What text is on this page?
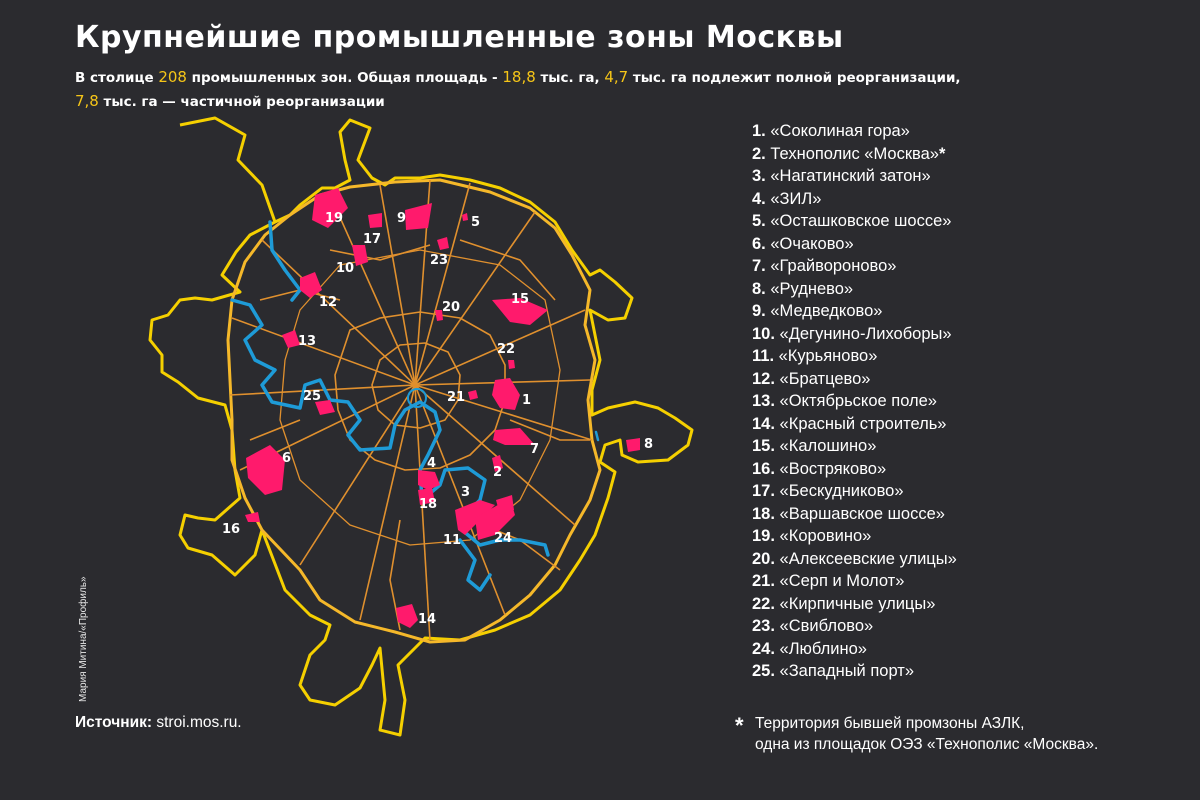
Крупнейшие промышленные зоны Москвы
В столице 208 промышленных зон. Общая площадь - 18,8 тыс. га, 4,7 тыс. га подлежит полной реорганизации,
7,8 тыс. га — частичной реорганизации
1
2
3
4
5
6
7	8
9
10
11
12
13
14
15
16
17
18
19
20
21
22
23
24
25
1. «Соколиная гора»
2. Технополис «Москва»*
3. «Нагатинский затон»
4. «ЗИЛ»
5. «Осташковское шоссе»
6. «Очаково»
7. «Грайвороново»
8. «Руднево»
9. «Медведково»
10. «Дегунино-Лихоборы»
11. «Курьяново»
12. «Братцево»
13. «Октябрьское поле»
14. «Красный строитель»
15. «Калошино»
16. «Востряково»
17. «Бескудниково»
18. «Варшавское шоссе»
19. «Коровино»
20. «Алексеевские улицы»
21. «Серп и Молот»
22. «Кирпичные улицы»
23. «Свиблово»
24. «Люблино»
25. «Западный порт»
Источник: stroi.mos.ru.	* Территория бывшей промзоны АЗЛК,
одна из площадок ОЭЗ «Технополис «Москва».
Мария Митина/«Профиль»
